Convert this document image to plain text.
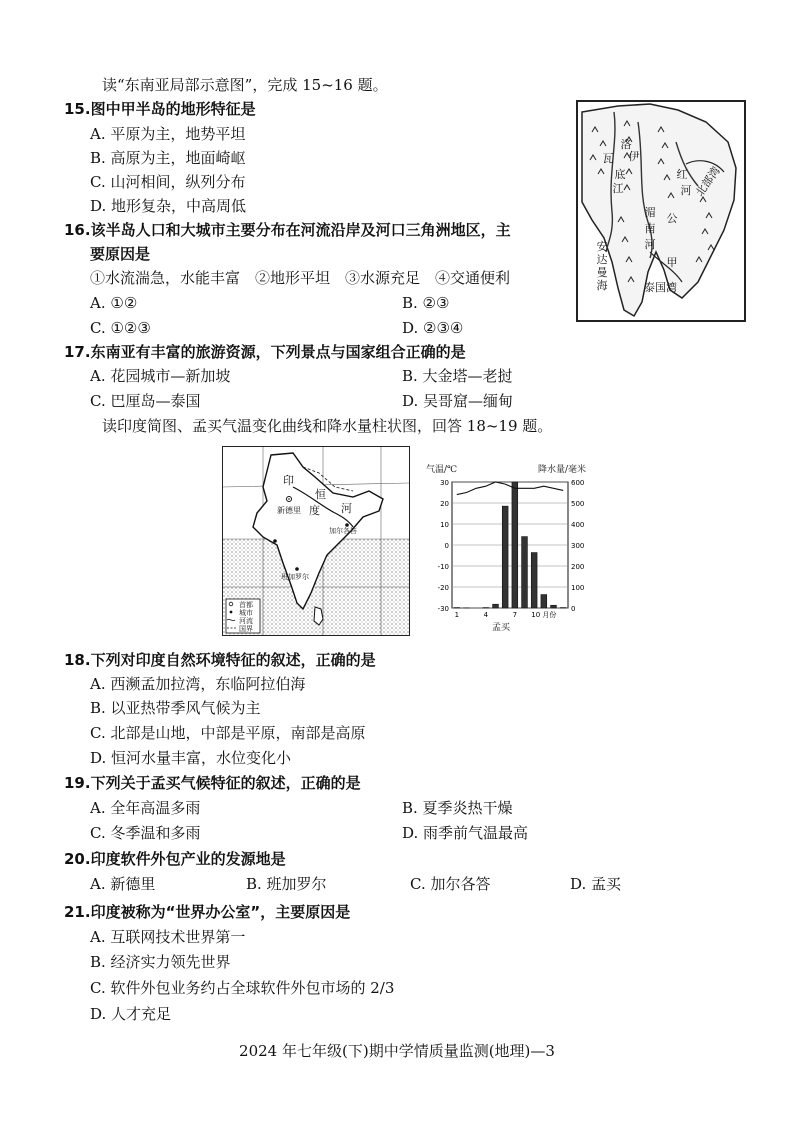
读“东南亚局部示意图”，完成 15~16 题。
15.图中甲半岛的地形特征是
A. 平原为主，地势平坦
B. 高原为主，地面崎岖
C. 山河相间，纵列分布
D. 地形复杂，中高周低
16.该半岛人口和大城市主要分布在河流沿岸及河口三角洲地区，主
要原因是
①水流湍急，水能丰富　②地形平坦　③水源充足　④交通便利
A. ①②	B. ②③
C. ①②③	D. ②③④
洛
伊
瓦
底
江
湄
南
河
红
河
公
甲
安达曼海
北部湾
泰国湾
17.东南亚有丰富的旅游资源，下列景点与国家组合正确的是
A. 花园城市—新加坡	B. 大金塔—老挝
C. 巴厘岛—泰国	D. 吴哥窟—缅甸
读印度简图、孟买气温变化曲线和降水量柱状图，回答 18~19 题。
印
度
恒
河
新德里
加尔各答
班加罗尔
首都
城市
河流
国界
气温/℃	降水量/毫米
30	600
20	500
10	400
0	300
-10	200
-20	100
-30	0
1	4	7 10 月份
孟买
18.下列对印度自然环境特征的叙述，正确的是
A. 西濒孟加拉湾，东临阿拉伯海
B. 以亚热带季风气候为主
C. 北部是山地，中部是平原，南部是高原
D. 恒河水量丰富，水位变化小
19.下列关于孟买气候特征的叙述，正确的是
A. 全年高温多雨	B. 夏季炎热干燥
C. 冬季温和多雨	D. 雨季前气温最高
20.印度软件外包产业的发源地是
A. 新德里	B. 班加罗尔	C. 加尔各答	D. 孟买
21.印度被称为“世界办公室”，主要原因是
A. 互联网技术世界第一
B. 经济实力领先世界
C. 软件外包业务约占全球软件外包市场的 2/3
D. 人才充足
2024 年七年级(下)期中学情质量监测(地理)—3
